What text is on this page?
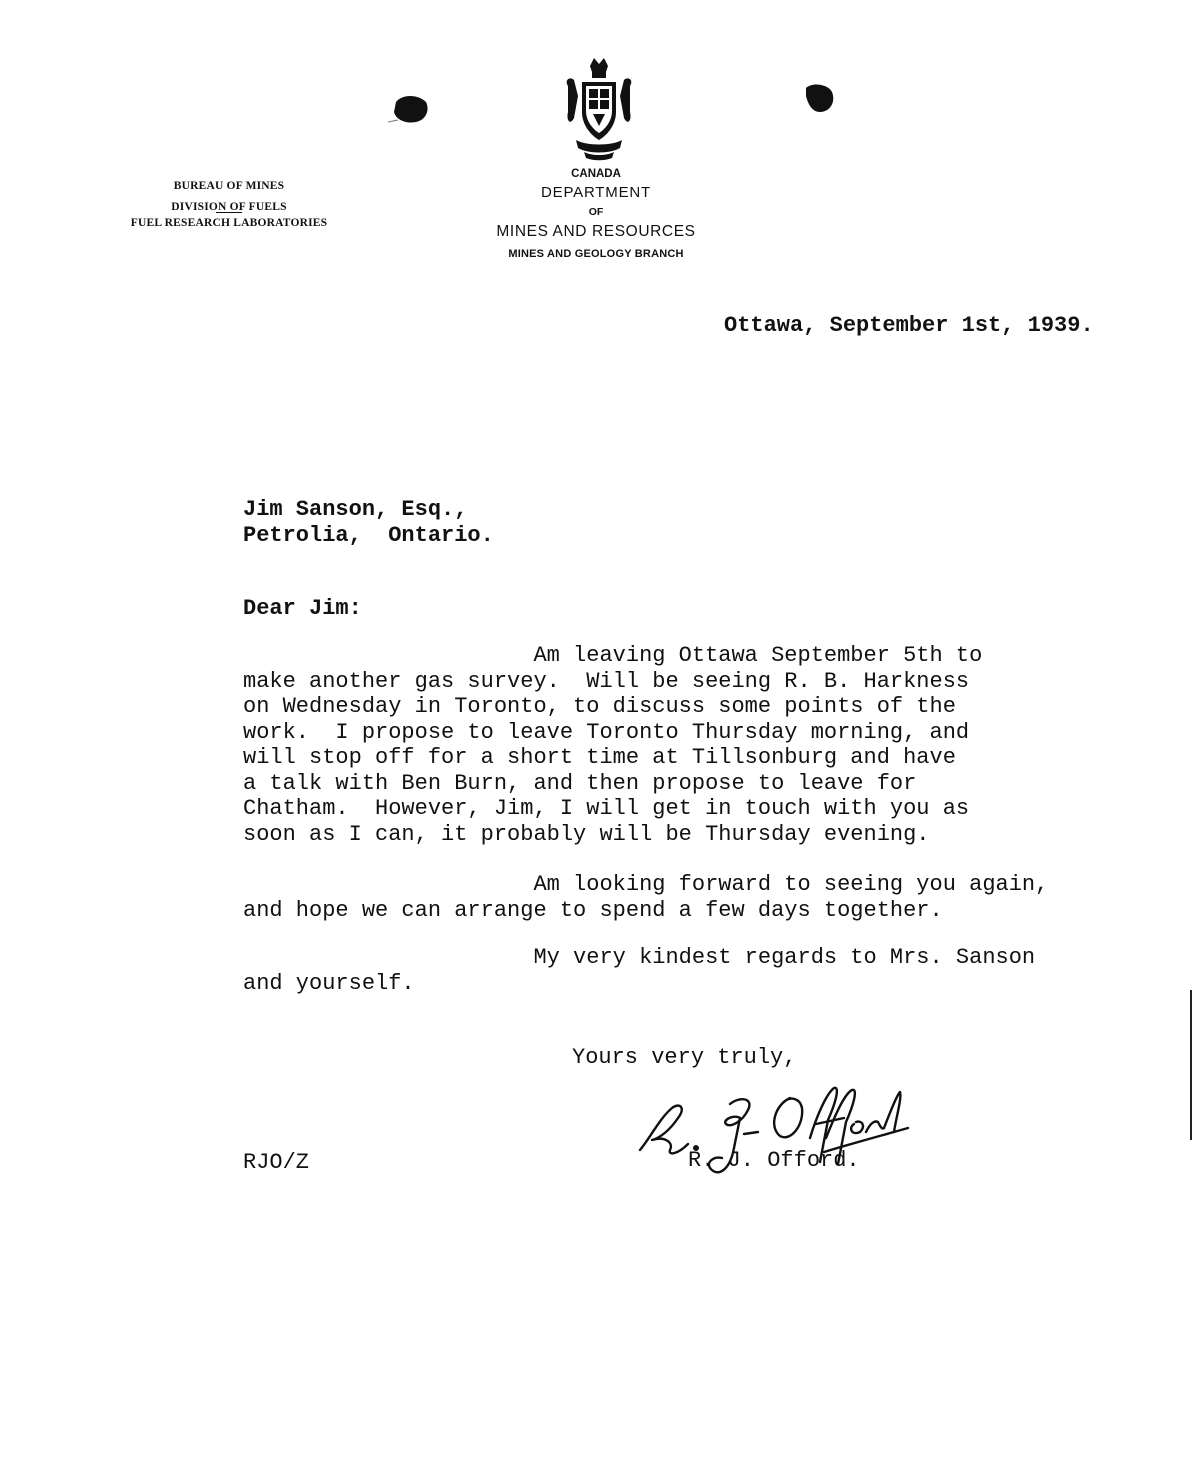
BUREAU OF MINES
DIVISION OF FUELS
FUEL RESEARCH LABORATORIES
CANADA
DEPARTMENT
OF
MINES AND RESOURCES
MINES AND GEOLOGY BRANCH
Ottawa, September 1st, 1939.
Jim Sanson, Esq.,
Petrolia,  Ontario.
Dear Jim:
Am leaving Ottawa September 5th to
make another gas survey.  Will be seeing R. B. Harkness
on Wednesday in Toronto, to discuss some points of the
work.  I propose to leave Toronto Thursday morning, and
will stop off for a short time at Tillsonburg and have
a talk with Ben Burn, and then propose to leave for
Chatham.  However, Jim, I will get in touch with you as
soon as I can, it probably will be Thursday evening.
Am looking forward to seeing you again,
and hope we can arrange to spend a few days together.
My very kindest regards to Mrs. Sanson
and yourself.
Yours very truly,
R. J. Offord.
RJO/Z
